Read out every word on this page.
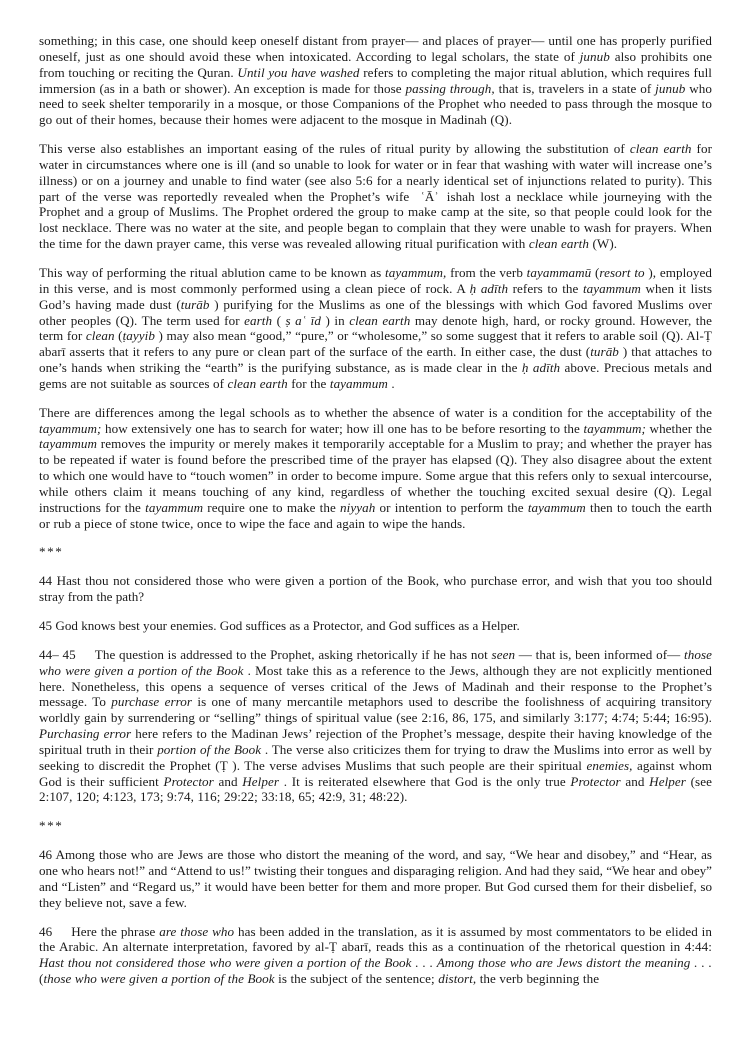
something; in this case, one should keep oneself distant from prayer— and places of prayer— until one has properly purified oneself, just as one should avoid these when intoxicated. According to legal scholars, the state of junub also prohibits one from touching or reciting the Quran. Until you have washed refers to completing the major ritual ablution, which requires full immersion (as in a bath or shower). An exception is made for those passing through, that is, travelers in a state of junub who need to seek shelter temporarily in a mosque, or those Companions of the Prophet who needed to pass through the mosque to go out of their homes, because their homes were adjacent to the mosque in Madinah (Q).

This verse also establishes an important easing of the rules of ritual purity by allowing the substitution of clean earth for water in circumstances where one is ill (and so unable to look for water or in fear that washing with water will increase one’s illness) or on a journey and unable to find water (see also 5:6 for a nearly identical set of injunctions related to purity). This part of the verse was reportedly revealed when the Prophet’s wife ʿĀʾ ishah lost a necklace while journeying with the Prophet and a group of Muslims. The Prophet ordered the group to make camp at the site, so that people could look for the lost necklace. There was no water at the site, and people began to complain that they were unable to wash for prayers. When the time for the dawn prayer came, this verse was revealed allowing ritual purification with clean earth (W).

This way of performing the ritual ablution came to be known as tayammum, from the verb tayammamū (resort to ), employed in this verse, and is most commonly performed using a clean piece of rock. A ḥ adīth refers to the tayammum when it lists God’s having made dust (turāb ) purifying for the Muslims as one of the blessings with which God favored Muslims over other peoples (Q). The term used for earth ( ṣ aʿ īd ) in clean earth may denote high, hard, or rocky ground. However, the term for clean (ṭayyib ) may also mean “good,” “pure,” or “wholesome,” so some suggest that it refers to arable soil (Q). Al-Ṭ abarī asserts that it refers to any pure or clean part of the surface of the earth. In either case, the dust (turāb ) that attaches to one’s hands when striking the “earth” is the purifying substance, as is made clear in the ḥ adīth above. Precious metals and gems are not suitable as sources of clean earth for the tayammum .

There are differences among the legal schools as to whether the absence of water is a condition for the acceptability of the tayammum; how extensively one has to search for water; how ill one has to be before resorting to the tayammum; whether the tayammum removes the impurity or merely makes it temporarily acceptable for a Muslim to pray; and whether the prayer has to be repeated if water is found before the prescribed time of the prayer has elapsed (Q). They also disagree about the extent to which one would have to “touch women” in order to become impure. Some argue that this refers only to sexual intercourse, while others claim it means touching of any kind, regardless of whether the touching excited sexual desire (Q). Legal instructions for the tayammum require one to make the niyyah or intention to perform the tayammum then to touch the earth or rub a piece of stone twice, once to wipe the face and again to wipe the hands.

***

44 Hast thou not considered those who were given a portion of the Book, who purchase error, and wish that you too should stray from the path?

45 God knows best your enemies. God suffices as a Protector, and God suffices as a Helper.

44– 45 The question is addressed to the Prophet, asking rhetorically if he has not seen — that is, been informed of— those who were given a portion of the Book . Most take this as a reference to the Jews, although they are not explicitly mentioned here. Nonetheless, this opens a sequence of verses critical of the Jews of Madinah and their response to the Prophet’s message. To purchase error is one of many mercantile metaphors used to describe the foolishness of acquiring transitory worldly gain by surrendering or “selling” things of spiritual value (see 2:16, 86, 175, and similarly 3:177; 4:74; 5:44; 16:95). Purchasing error here refers to the Madinan Jews’ rejection of the Prophet’s message, despite their having knowledge of the spiritual truth in their portion of the Book . The verse also criticizes them for trying to draw the Muslims into error as well by seeking to discredit the Prophet (Ṭ ). The verse advises Muslims that such people are their spiritual enemies, against whom God is their sufficient Protector and Helper . It is reiterated elsewhere that God is the only true Protector and Helper (see 2:107, 120; 4:123, 173; 9:74, 116; 29:22; 33:18, 65; 42:9, 31; 48:22).

***

46 Among those who are Jews are those who distort the meaning of the word, and say, “We hear and disobey,” and “Hear, as one who hears not!” and “Attend to us!” twisting their tongues and disparaging religion. And had they said, “We hear and obey” and “Listen” and “Regard us,” it would have been better for them and more proper. But God cursed them for their disbelief, so they believe not, save a few.

46 Here the phrase are those who has been added in the translation, as it is assumed by most commentators to be elided in the Arabic. An alternate interpretation, favored by al-Ṭ abarī, reads this as a continuation of the rhetorical question in 4:44: Hast thou not considered those who were given a portion of the Book . . . Among those who are Jews distort the meaning . . . (those who were given a portion of the Book is the subject of the sentence; distort, the verb beginning the
